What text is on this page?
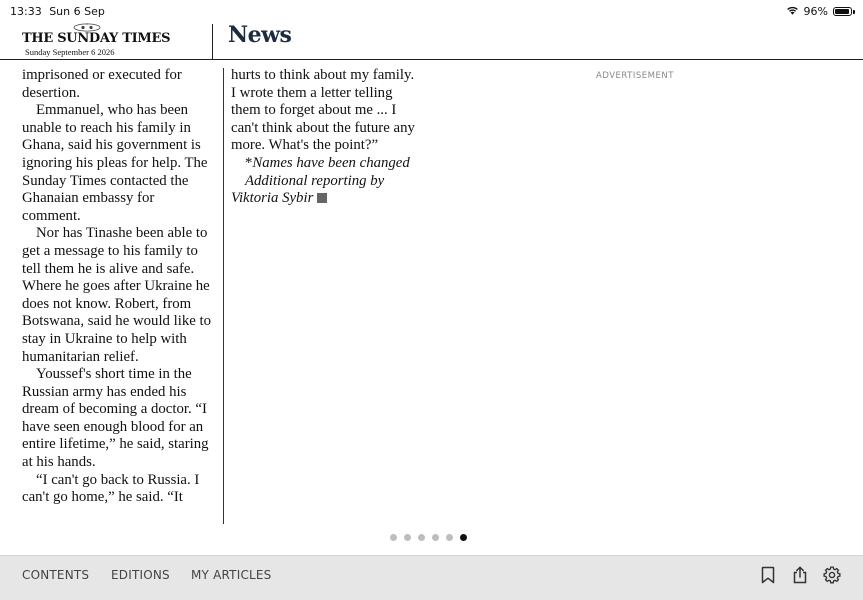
13:33 Sun 6 Sep	96%
THE SUNDAY TIMES
Sunday September 6 2026
News

imprisoned or executed for desertion.

Emmanuel, who has been unable to reach his family in Ghana, said his government is ignoring his pleas for help. The Sunday Times contacted the Ghanaian embassy for comment.

Nor has Tinashe been able to get a message to his family to tell them he is alive and safe. Where he goes after Ukraine he does not know. Robert, from Botswana, said he would like to stay in Ukraine to help with humanitarian relief.

Youssef's short time in the Russian army has ended his dream of becoming a doctor. “I have seen enough blood for an entire lifetime,” he said, staring at his hands.

“I can't go back to Russia. I can't go home,” he said. “It

hurts to think about my family. I wrote them a letter telling them to forget about me ... I can't think about the future any more. What's the point?”

*Names have been changed

Additional reporting by

Viktoria Sybir

ADVERTISEMENT
CONTENTS EDITIONS MY ARTICLES
